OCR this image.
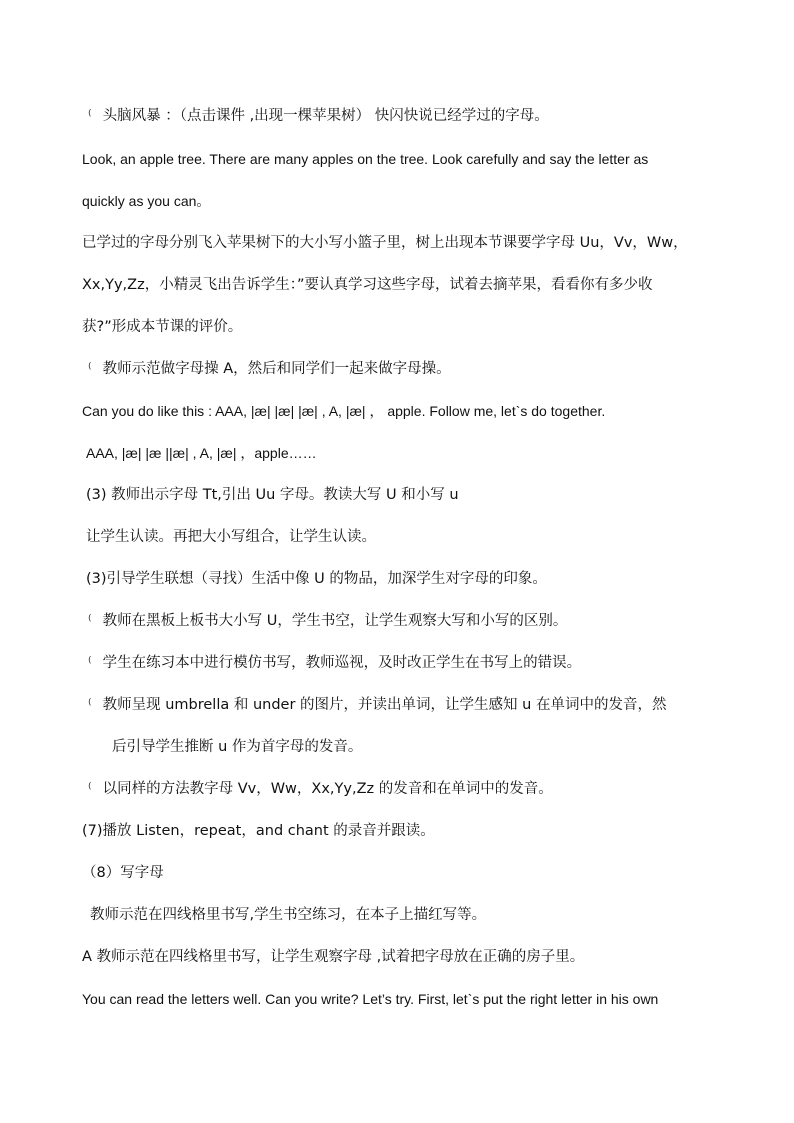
⁽ 头脑风暴 ：（点击课件 ,出现一棵苹果树） 快闪快说已经学过的字母。
Look, an apple tree. There are many apples on the tree. Look carefully and say the letter as
quickly as you can。
已学过的字母分别飞入苹果树下的大小写小篮子里，树上出现本节课要学字母 Uu，Vv，Ww，
Xx,Yy,Zz，小精灵飞出告诉学生：”要认真学习这些字母，试着去摘苹果，看看你有多少收
获?”形成本节课的评价。
⁽ 教师示范做字母操 A，然后和同学们一起来做字母操。
Can you do like this : AAA, |æ| |æ| |æ| , A, |æ| ， apple. Follow me, let`s do together.
AAA, |æ| |æ ||æ| , A, |æ| ，apple……
(3) 教师出示字母 Tt,引出 Uu 字母。教读大写 U 和小写 u
让学生认读。再把大小写组合，让学生认读。
(3)引导学生联想（寻找）生活中像 U 的物品，加深学生对字母的印象。
⁽ 教师在黑板上板书大小写 U，学生书空，让学生观察大写和小写的区别。
⁽ 学生在练习本中进行模仿书写，教师巡视，及时改正学生在书写上的错误。
⁽ 教师呈现 umbrella 和 under 的图片，并读出单词，让学生感知 u 在单词中的发音，然
后引导学生推断 u 作为首字母的发音。
⁽ 以同样的方法教字母 Vv，Ww，Xx,Yy,Zz 的发音和在单词中的发音。
(7)播放 Listen，repeat，and chant 的录音并跟读。
（8）写字母
教师示范在四线格里书写,学生书空练习，在本子上描红写等。
A 教师示范在四线格里书写，让学生观察字母 ,试着把字母放在正确的房子里。
You can read the letters well. Can you write? Let’s try. First, let`s put the right letter in his own
